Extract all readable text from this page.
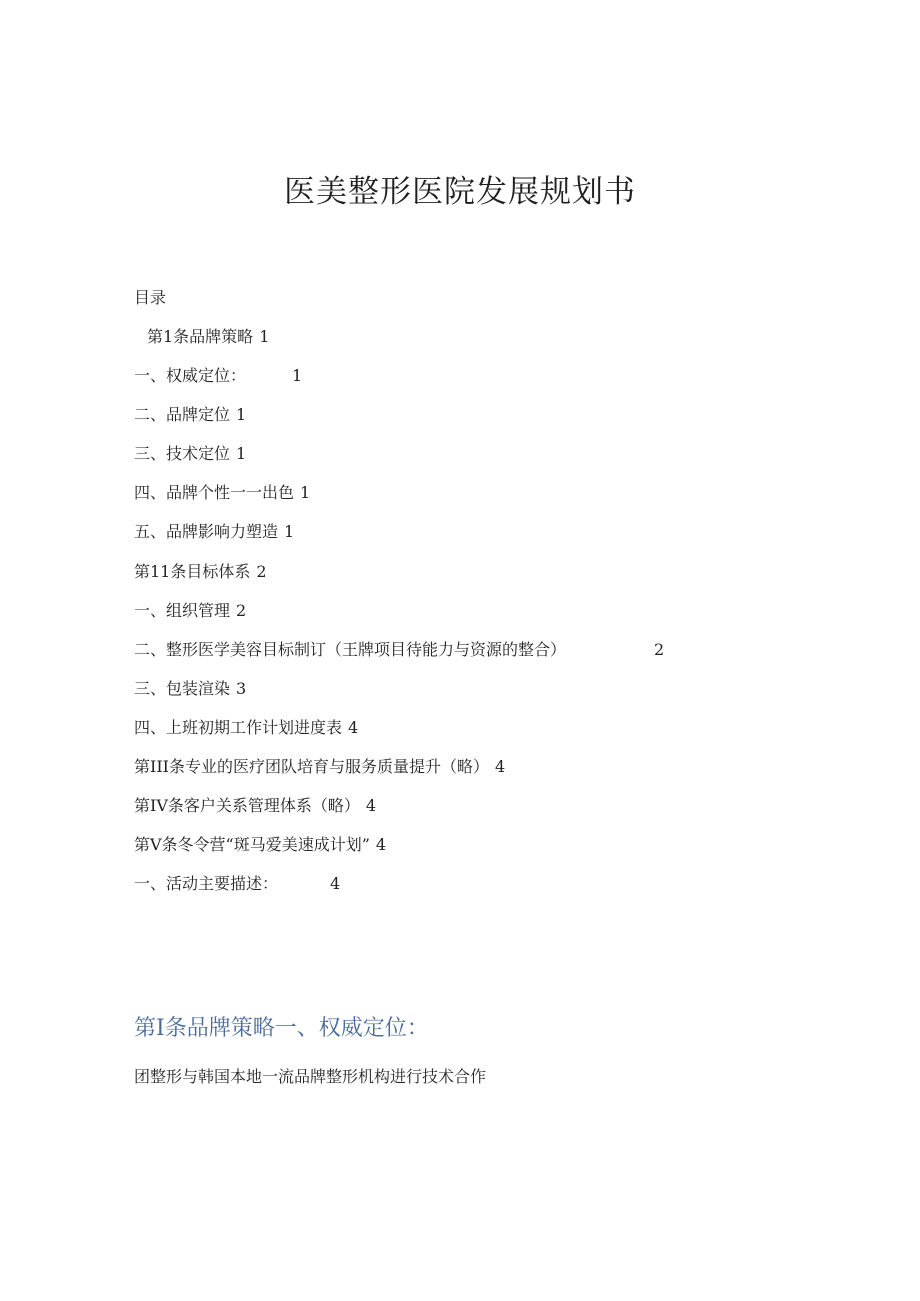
医美整形医院发展规划书
目录
第1条品牌策略 1
一、权威定位：	1
二、品牌定位 1
三、技术定位 1
四、品牌个性一一出色 1
五、品牌影响力塑造 1
第11条目标体系 2
一、组织管理 2
二、整形医学美容目标制订（王牌项目待能力与资源的整合）	2
三、包装渲染 3
四、上班初期工作计划进度表 4
第III条专业的医疗团队培育与服务质量提升（略） 4
第IV条客户关系管理体系（略） 4
第V条冬令营“斑马爱美速成计划” 4
一、活动主要描述：	4
第I条品牌策略一、权威定位：

团整形与韩国本地一流品牌整形机构进行技术合作
